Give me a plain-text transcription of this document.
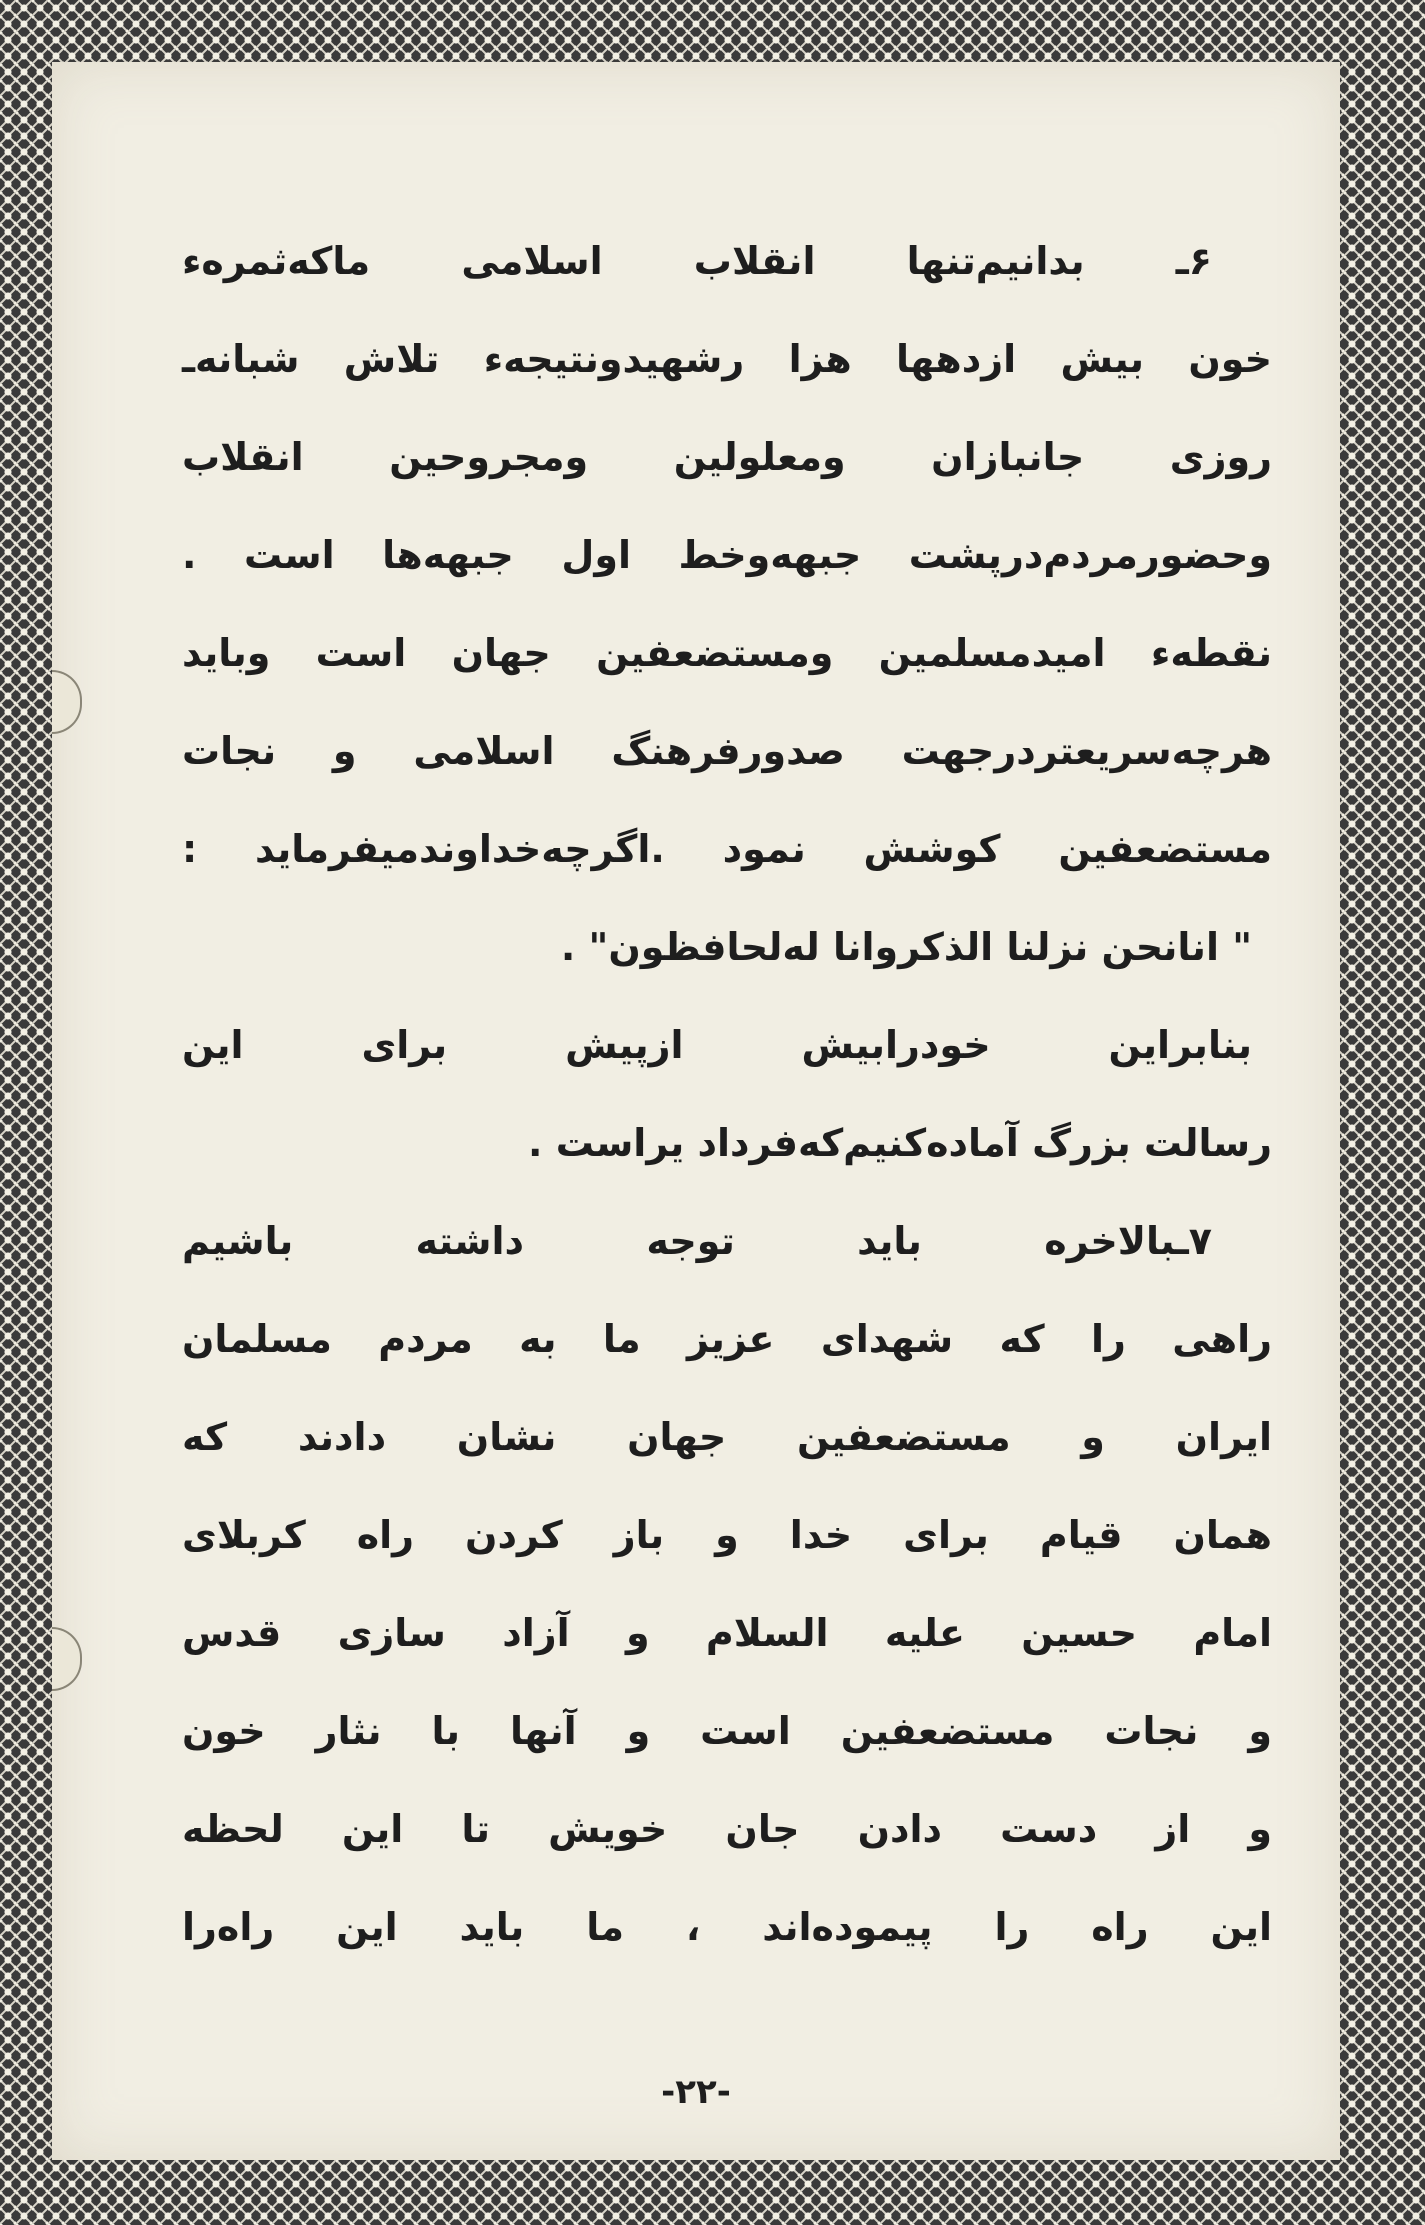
۶ـ بدانیم‌تنها انقلاب اسلامی ماکه‌ثمرهء
خون بیش ازدهها هزا رشهیدونتیجهء تلاش شبانه‌ـ
روزی جانبازان ومعلولین ومجروحین انقلاب
وحضورمردم‌درپشت جبهه‌وخط اول جبهه‌ها است .
نقطهء امیدمسلمین ومستضعفین جهان است وباید
هرچه‌سریعتردرجهت صدورفرهنگ اسلامی و نجات
مستضعفین کوشش نمود .اگرچه‌خداوندمیفرماید :
" انانحن نزلنا الذکروانا له‌لحافظون" .
بنابراین خودرابیش ازپیش برای این
رسالت بزرگ آماده‌کنیم‌که‌فرداد یراست .
۷ـبالاخره باید توجه داشته باشیم
راهی را که شهدای عزیز ما به مردم مسلمان
ایران و مستضعفین جهان نشان دادند که
همان قیام برای خدا و باز کردن راه کربلای
امام حسین علیه السلام و آزاد سازی قدس
و نجات مستضعفین است و آنها با نثار خون
و از دست دادن جان خویش تا این لحظه
این راه را پیموده‌اند ، ما باید این راه‌را
-۲۲-
